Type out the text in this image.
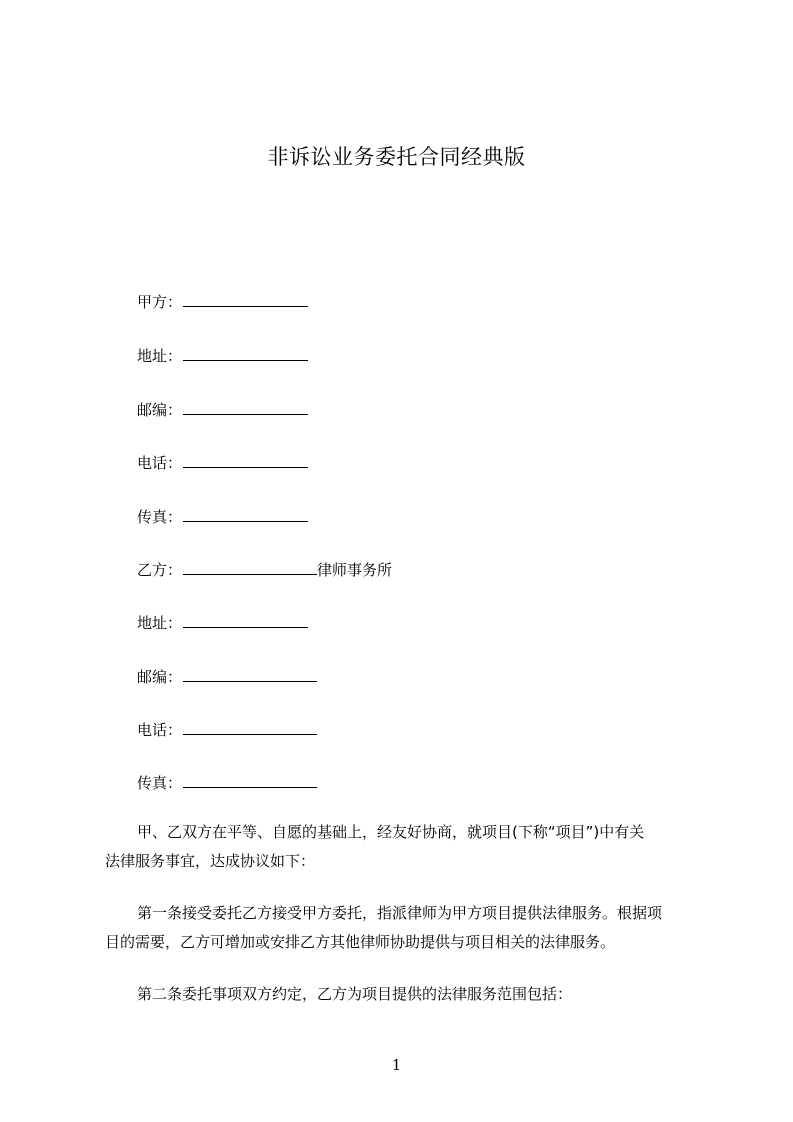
非诉讼业务委托合同经典版
甲方：
地址：
邮编：
电话：
传真：
乙方：	律师事务所
地址：
邮编：
电话：
传真：
甲、乙双方在平等、自愿的基础上，经友好协商，就项目(下称“项目”)中有关
法律服务事宜，达成协议如下：
第一条接受委托乙方接受甲方委托，指派律师为甲方项目提供法律服务。根据项
目的需要，乙方可增加或安排乙方其他律师协助提供与项目相关的法律服务。
第二条委托事项双方约定，乙方为项目提供的法律服务范围包括：
1
